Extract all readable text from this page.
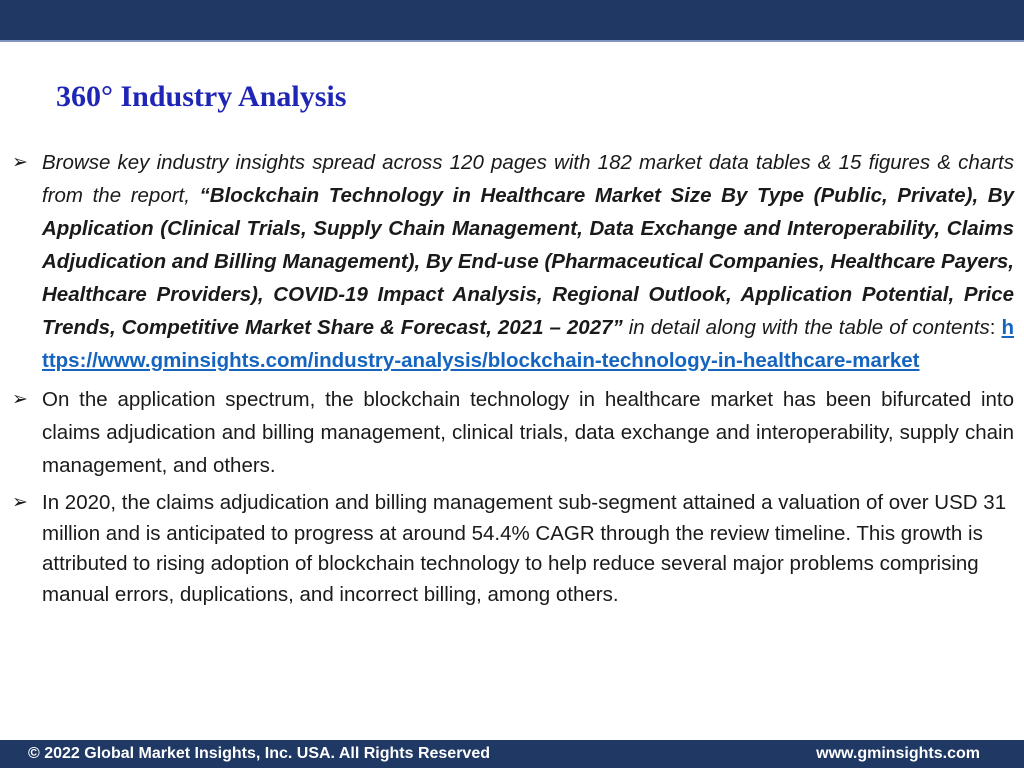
360° Industry Analysis
➢ Browse key industry insights spread across 120 pages with 182 market data tables & 15 figures & charts from the report, “Blockchain Technology in Healthcare Market Size By Type (Public, Private), By Application (Clinical Trials, Supply Chain Management, Data Exchange and Interoperability, Claims Adjudication and Billing Management), By End-use (Pharmaceutical Companies, Healthcare Payers, Healthcare Providers), COVID-19 Impact Analysis, Regional Outlook, Application Potential, Price Trends, Competitive Market Share & Forecast, 2021 – 2027” in detail along with the table of contents: https://www.gminsights.com/industry-analysis/blockchain-technology-in-healthcare-market
➢ On the application spectrum, the blockchain technology in healthcare market has been bifurcated into claims adjudication and billing management, clinical trials, data exchange and interoperability, supply chain management, and others.
➢ In 2020, the claims adjudication and billing management sub-segment attained a valuation of over USD 31 million and is anticipated to progress at around 54.4% CAGR through the review timeline. This growth is attributed to rising adoption of blockchain technology to help reduce several major problems comprising manual errors, duplications, and incorrect billing, among others.
© 2022 Global Market Insights, Inc. USA. All Rights Reserved	www.gminsights.com
